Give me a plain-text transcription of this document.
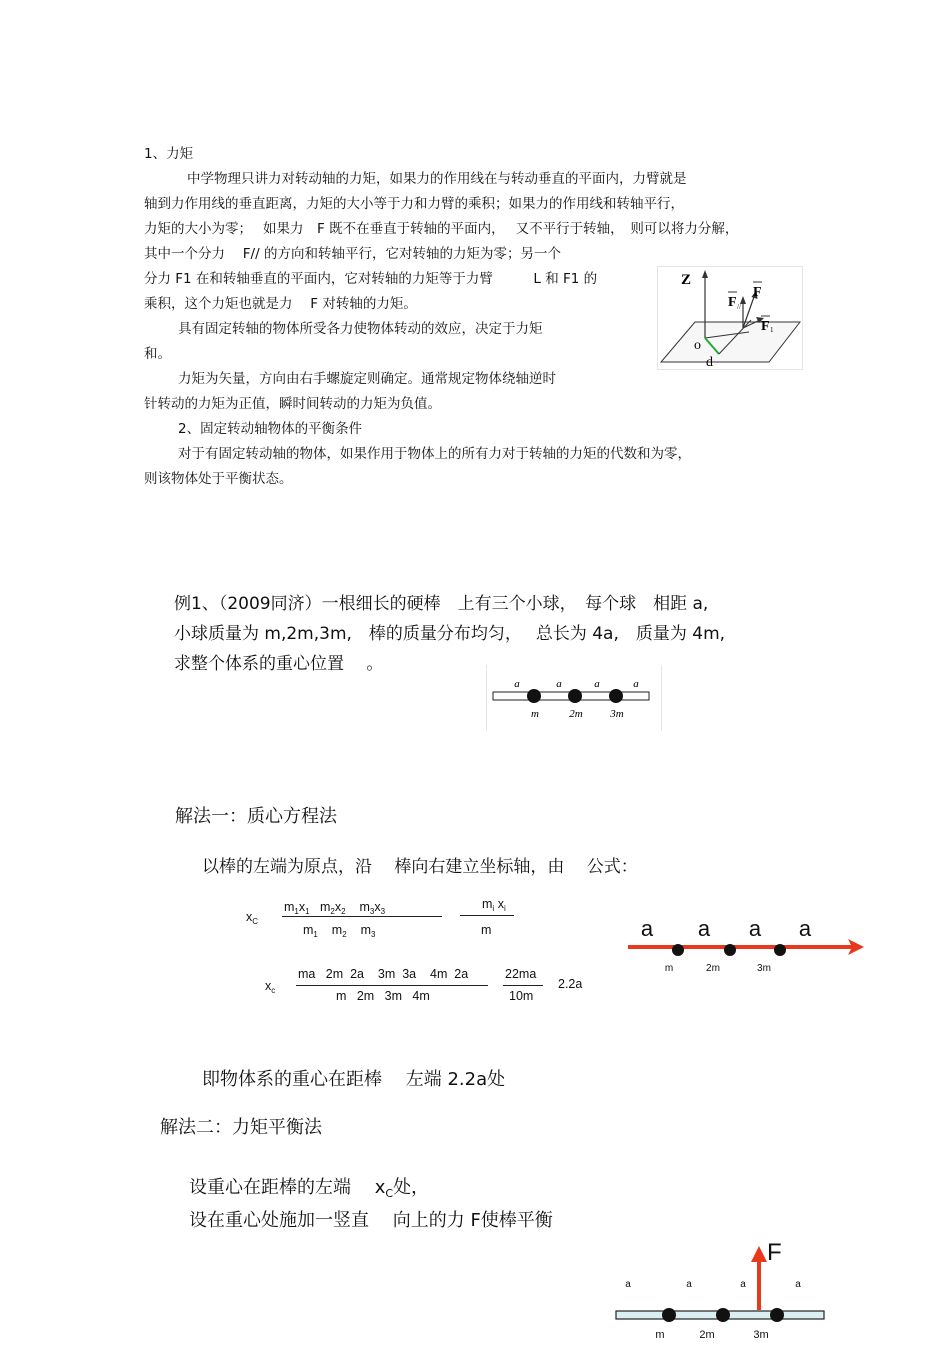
1、力矩
中学物理只讲力对转动轴的力矩，如果力的作用线在与转动垂直的平面内，力臂就是
轴到力作用线的垂直距离，力矩的大小等于力和力臂的乘积；如果力的作用线和转轴平行，
力矩的大小为零；　 如果力　F 既不在垂直于转轴的平面内，　 又不平行于转轴，　则可以将力分解，
其中一个分力　 F// 的方向和转轴平行，它对转轴的力矩为零；另一个
分力 F1 在和转轴垂直的平面内，它对转轴的力矩等于力臂　　　L 和 F1 的
乘积，这个力矩也就是力　 F 对转轴的力矩。
具有固定转轴的物体所受各力使物体转动的效应，决定于力矩
和。
力矩为矢量，方向由右手螺旋定则确定。通常规定物体绕轴逆时
针转动的力矩为正值，瞬时间转动的力矩为负值。
2、固定转动轴物体的平衡条件
对于有固定转动轴的物体，如果作用于物体上的所有力对于转轴的力矩的代数和为零，
则该物体处于平衡状态。
Z
F //
F
F 1
o
d
例1、（2009同济）一根细长的硬棒　上有三个小球，　每个球　相距 a,
小球质量为 m,2m,3m,　棒的质量分布均匀，　 总长为 4a,　质量为 4m,
求整个体系的重心位置　 。
a	a	a	a
m	2m	3m
解法一：质心方程法
以棒的左端为原点，沿　 棒向右建立坐标轴，由　 公式：
$x_C$
$m_1x_1$ $m_2x_2$ $m_3x_3$
$m_1$ $m_2$ $m_3$
$m_i$ $x_i$
m
$x_c$
ma   2m  2a    3m  3a    4m  2a
m   2m   3m   4m
22ma
10m
2.2a
a a a a
m	2m	3m
即物体系的重心在距棒　 左端 2.2a处
解法二：力矩平衡法
设重心在距棒的左端　 $x_C$处，
设在重心处施加一竖直　 向上的力 F使棒平衡
a	a	a	a
F
m	2m	3m
